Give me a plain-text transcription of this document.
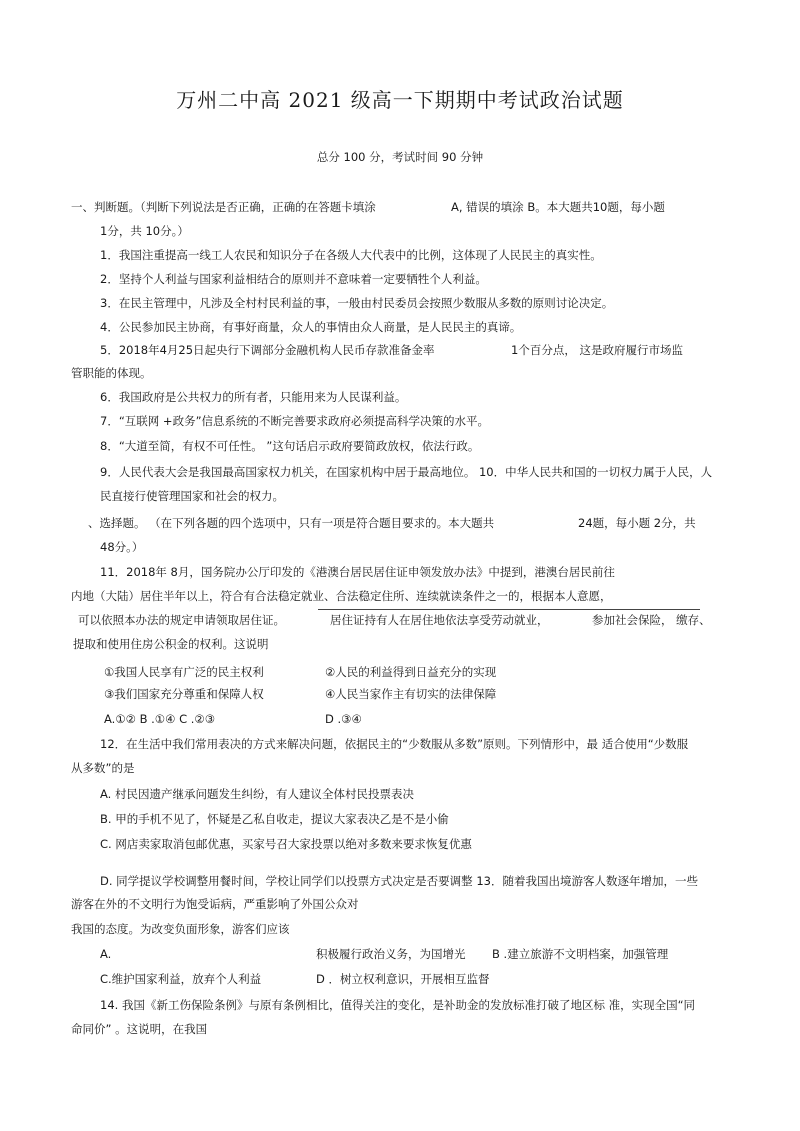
万州二中高 2021 级高一下期期中考试政治试题
总分 100 分，考试时间 90 分钟
一、判断题。（判断下列说法是否正确，正确的在答题卡填涂	A, 错误的填涂 B。本大题共10题，每小题
1分，共 10分。）
1．我国注重提高一线工人农民和知识分子在各级人大代表中的比例，这体现了人民民主的真实性。
2．坚持个人利益与国家利益相结合的原则并不意味着一定要牺牲个人利益。
3．在民主管理中，凡涉及全村村民利益的事，一般由村民委员会按照少数服从多数的原则讨论决定。
4．公民参加民主协商，有事好商量，众人的事情由众人商量，是人民民主的真谛。
5．2018年4月25日起央行下调部分金融机构人民币存款准备金率	1个百分点， 这是政府履行市场监
管职能的体现。
6．我国政府是公共权力的所有者，只能用来为人民谋利益。
7．“互联网 +政务”信息系统的不断完善要求政府必须提高科学决策的水平。
8．“大道至简，有权不可任性。 ”这句话启示政府要简政放权，依法行政。
9．人民代表大会是我国最高国家权力机关，在国家机构中居于最高地位。 10．中华人民共和国的一切权力属于人民，人
民直接行使管理国家和社会的权力。
、选择题。 （在下列各题的四个选项中，只有一项是符合题目要求的。本大题共	24题，每小题 2分，共
48分。）
11．2018年 8月，国务院办公厅印发的《港澳台居民居住证申领发放办法》中提到，港澳台居民前往
内地（大陆）居住半年以上，符合有合法稳定就业、合法稳定住所、连续就读条件之一的，根据本人意愿，
可以依照本办法的规定申请领取居住证。	居住证持有人在居住地依法享受劳动就业，	参加社会保险， 缴存、
提取和使用住房公积金的权利。这说明
①我国人民享有广泛的民主权利	②人民的利益得到日益充分的实现
③我们国家充分尊重和保障人权	④人民当家作主有切实的法律保障
A.①② B .①④ C .②③	D .③④
12．在生活中我们常用表决的方式来解决问题，依据民主的“少数服从多数”原则。下列情形中，最 适合使用“少数服
从多数”的是
A. 村民因遗产继承问题发生纠纷，有人建议全体村民投票表决
B. 甲的手机不见了，怀疑是乙私自收走，提议大家表决乙是不是小偷
C. 网店卖家取消包邮优惠，买家号召大家投票以绝对多数来要求恢复优惠
D. 同学提议学校调整用餐时间，学校让同学们以投票方式决定是否要调整 13．随着我国出境游客人数逐年增加，一些
游客在外的不文明行为饱受诟病，严重影响了外国公众对
我国的态度。为改变负面形象，游客们应该
A.	积极履行政治义务，为国增光 B .建立旅游不文明档案，加强管理
C.维护国家利益，放弃个人利益	D ．树立权利意识，开展相互监督
14. 我国《新工伤保险条例》与原有条例相比，值得关注的变化，是补助金的发放标准打破了地区标 准，实现全国“同
命同价” 。这说明，在我国
